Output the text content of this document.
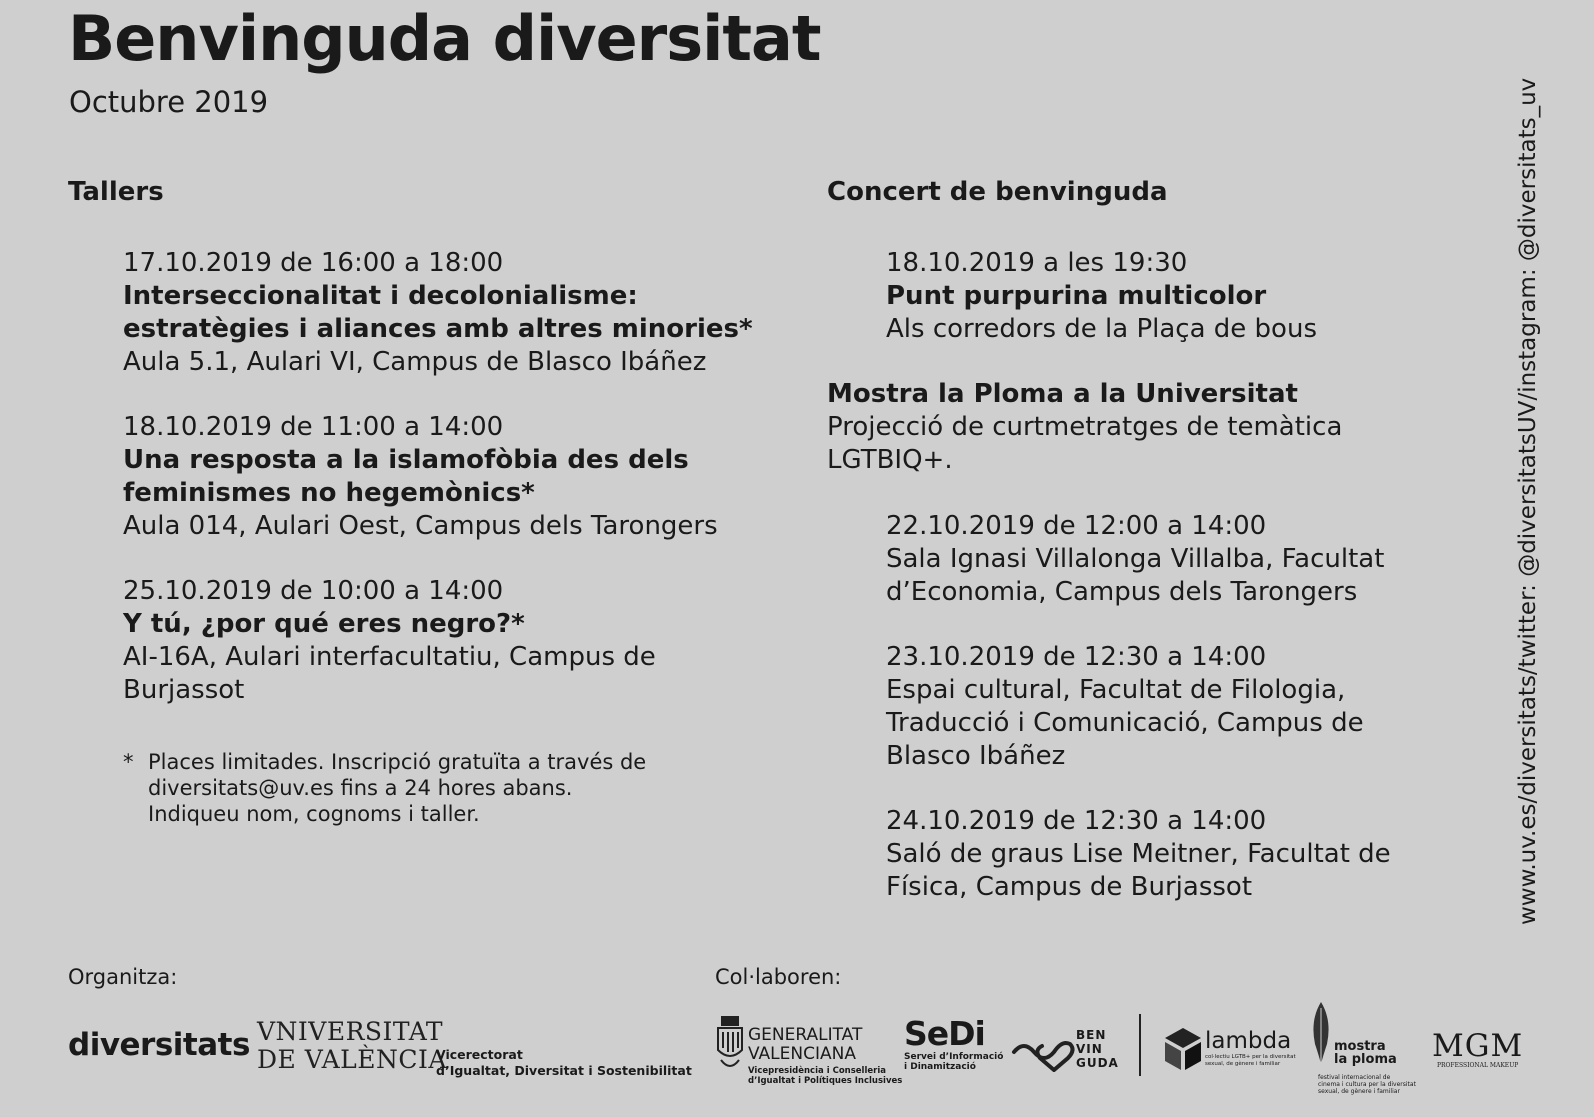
Benvinguda diversitat
Octubre 2019
Tallers
17.10.2019 de 16:00 a 18:00
Interseccionalitat i decolonialisme:
estratègies i aliances amb altres minories*
Aula 5.1, Aulari VI, Campus de Blasco Ibáñez
18.10.2019 de 11:00 a 14:00
Una resposta a la islamofòbia des dels
feminismes no hegemònics*
Aula 014, Aulari Oest, Campus dels Tarongers
25.10.2019 de 10:00 a 14:00
Y tú, ¿por qué eres negro?*
AI-16A, Aulari interfacultatiu, Campus de
Burjassot
* Places limitades. Inscripció gratuïta a través de
diversitats@uv.es fins a 24 hores abans.
Indiqueu nom, cognoms i taller.
Concert de benvinguda
18.10.2019 a les 19:30
Punt purpurina multicolor
Als corredors de la Plaça de bous
Mostra la Ploma a la Universitat
Projecció de curtmetratges de temàtica
LGTBIQ+.
22.10.2019 de 12:00 a 14:00
Sala Ignasi Villalonga Villalba, Facultat
d’Economia, Campus dels Tarongers
23.10.2019 de 12:30 a 14:00
Espai cultural, Facultat de Filologia,
Traducció i Comunicació, Campus de
Blasco Ibáñez
24.10.2019 de 12:30 a 14:00
Saló de graus Lise Meitner, Facultat de
Física, Campus de Burjassot	www.uv.es/diversitats/twitter: @diversitatsUV/instagram: @diversitats_uv
Organitza:	Col·laboren:
diversitats VNIVERSITAT
DE VALÈNCIA
Vicerectorat
d’Igualtat, Diversitat i Sostenibilitat
GENERALITAT
VALENCIANA
Vicepresidència i Conselleria
d’Igualtat i Polítiques Inclusives
SeDi
Servei d’Informació
i Dinamització
BEN
VIN
GUDA
lambda
col·lectiu LGTB+ per la diversitat
sexual, de gènere i familiar
mostra
la ploma
festival internacional de
cinema i cultura per la diversitat
sexual, de gènere i familiar
MGM
PROFESSIONAL MAKEUP
